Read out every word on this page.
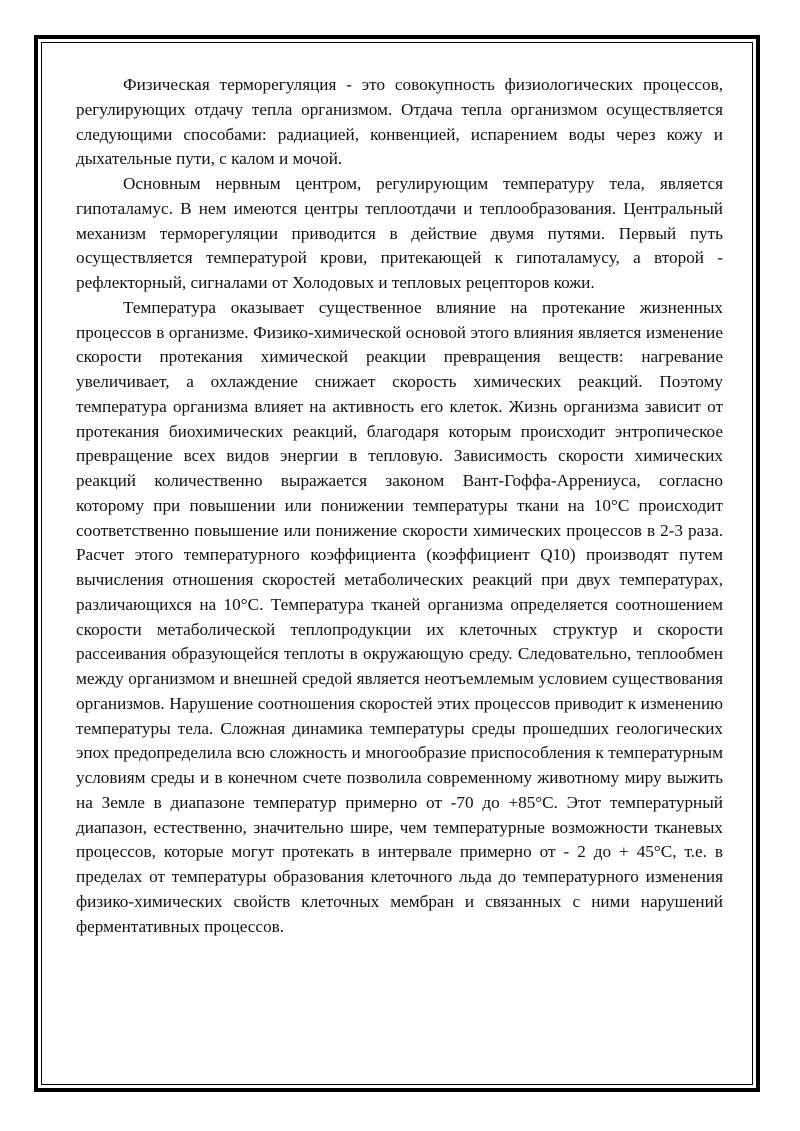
Физическая терморегуляция - это совокупность физиологических процессов, регулирующих отдачу тепла организмом. Отдача тепла организмом осуществляется следующими способами: радиацией, конвенцией, испарением воды через кожу и дыхательные пути, с калом и мочой.

Основным нервным центром, регулирующим температуру тела, является гипоталамус. В нем имеются центры теплоотдачи и теплообразования. Центральный механизм терморегуляции приводится в действие двумя путями. Первый путь осуществляется температурой крови, притекающей к гипоталамусу, а второй - рефлекторный, сигналами от Холодовых и тепловых рецепторов кожи.

Температура оказывает существенное влияние на протекание жизненных процессов в организме. Физико-химической основой этого влияния является изменение скорости протекания химической реакции превращения веществ: нагревание увеличивает, а охлаждение снижает скорость химических реакций. Поэтому температура организма влияет на активность его клеток. Жизнь организма зависит от протекания биохимических реакций, благодаря которым происходит энтропическое превращение всех видов энергии в тепловую. Зависимость скорости химических реакций количественно выражается законом Вант-Гоффа-Аррениуса, согласно которому при повышении или понижении температуры ткани на 10°С происходит соответственно повышение или понижение скорости химических процессов в 2-3 раза. Расчет этого температурного коэффициента (коэффициент Q10) производят путем вычисления отношения скоростей метаболических реакций при двух температурах, различающихся на 10°С. Температура тканей организма определяется соотношением скорости метаболической теплопродукции их клеточных структур и скорости рассеивания образующейся теплоты в окружающую среду. Следовательно, теплообмен между организмом и внешней средой является неотъемлемым условием существования организмов. Нарушение соотношения скоростей этих процессов приводит к изменению температуры тела. Сложная динамика температуры среды прошедших геологических эпох предопределила всю сложность и многообразие приспособления к температурным условиям среды и в конечном счете позволила современному животному миру выжить на Земле в диапазоне температур примерно от -70 до +85°С. Этот температурный диапазон, естественно, значительно шире, чем температурные возможности тканевых процессов, которые могут протекать в интервале примерно от - 2 до + 45°С, т.е. в пределах от температуры образования клеточного льда до температурного изменения физико-химических свойств клеточных мембран и связанных с ними нарушений ферментативных процессов.
